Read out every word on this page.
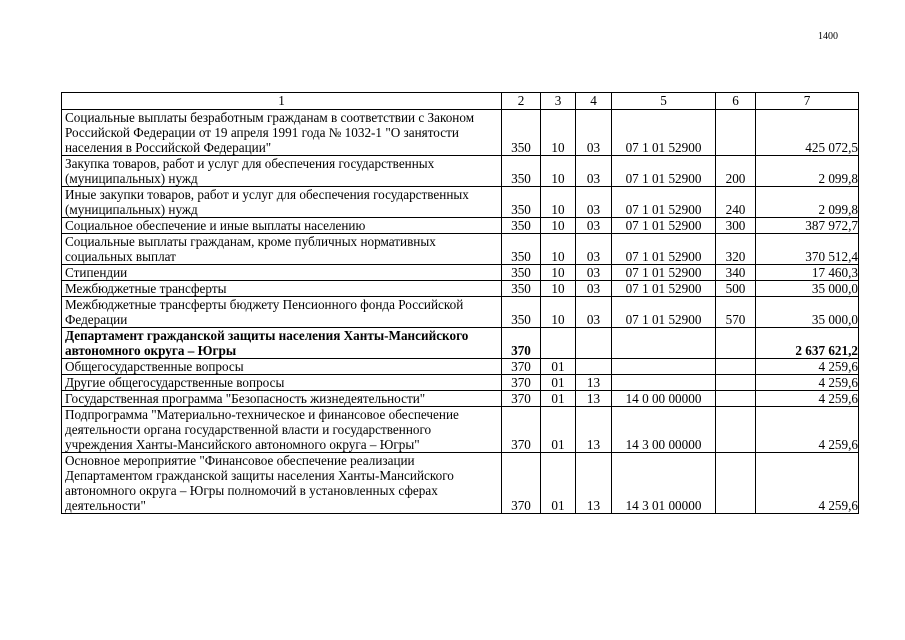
1400
1	2	3	4	5	6	7
Социальные выплаты безработным гражданам в соответствии с Законом Российской Федерации от 19 апреля 1991 года № 1032-1 "О занятости населения в Российской Федерации"	350	10	03	07 1 01 52900		425 072,5
Закупка товаров, работ и услуг для обеспечения государственных (муниципальных) нужд	350	10	03	07 1 01 52900	200	2 099,8
Иные закупки товаров, работ и услуг для обеспечения государственных (муниципальных) нужд	350	10	03	07 1 01 52900	240	2 099,8
Социальное обеспечение и иные выплаты населению	350	10	03	07 1 01 52900	300	387 972,7
Социальные выплаты гражданам, кроме публичных нормативных социальных выплат	350	10	03	07 1 01 52900	320	370 512,4
Стипендии	350	10	03	07 1 01 52900	340	17 460,3
Межбюджетные трансферты	350	10	03	07 1 01 52900	500	35 000,0
Межбюджетные трансферты бюджету Пенсионного фонда Российской Федерации	350	10	03	07 1 01 52900	570	35 000,0
Департамент гражданской защиты населения Ханты-Мансийского автономного округа – Югры	370					2 637 621,2
Общегосударственные вопросы	370	01				4 259,6
Другие общегосударственные вопросы	370	01	13			4 259,6
Государственная программа "Безопасность жизнедеятельности"	370	01	13	14 0 00 00000		4 259,6
Подпрограмма "Материально-техническое и финансовое обеспечение деятельности органа государственной власти и государственного учреждения Ханты-Мансийского автономного округа – Югры"	370	01	13	14 3 00 00000		4 259,6
Основное мероприятие "Финансовое обеспечение реализации Департаментом гражданской защиты населения Ханты-Мансийского автономного округа – Югры полномочий в установленных сферах деятельности"	370	01	13	14 3 01 00000		4 259,6
